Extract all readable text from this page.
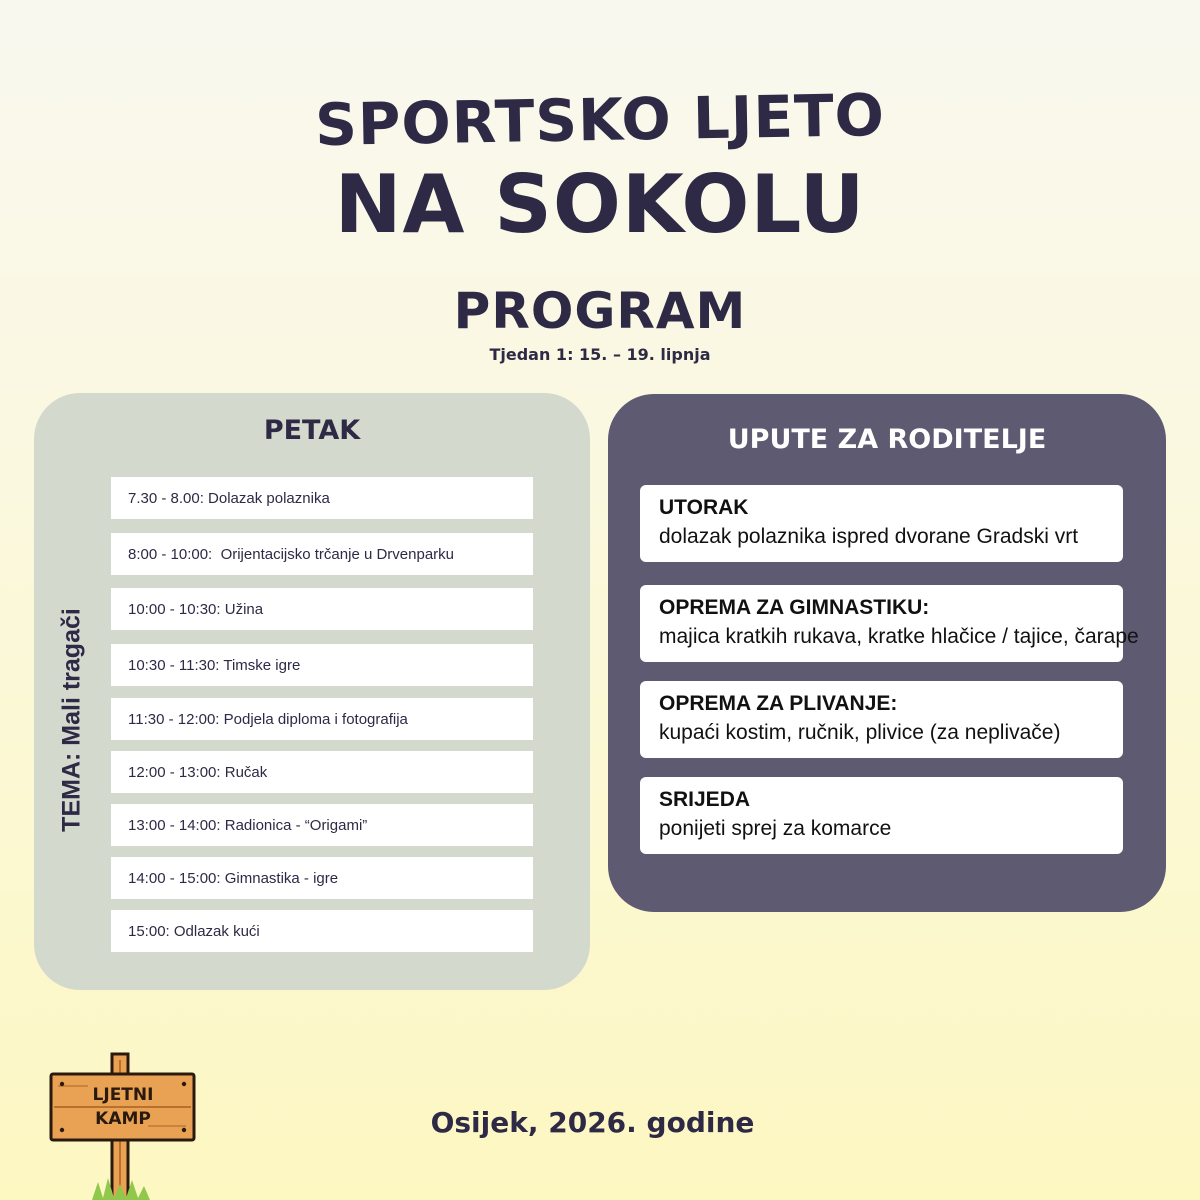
SPORTSKO LJETO
NA SOKOLU
PROGRAM
Tjedan 1: 15. – 19. lipnja
PETAK
TEMA: Mali tragači
7.30 - 8.00: Dolazak polaznika
8:00 - 10:00:  Orijentacijsko trčanje u Drvenparku
10:00 - 10:30: Užina
10:30 - 11:30: Timske igre
11:30 - 12:00: Podjela diploma i fotografija
12:00 - 13:00: Ručak
13:00 - 14:00: Radionica - “Origami”
14:00 - 15:00: Gimnastika - igre
15:00: Odlazak kući
UPUTE ZA RODITELJE
UTORAK
dolazak polaznika ispred dvorane Gradski vrt
OPREMA ZA GIMNASTIKU:
majica kratkih rukava, kratke hlačice / tajice, čarape
OPREMA ZA PLIVANJE:
kupaći kostim, ručnik, plivice (za neplivače)
SRIJEDA
ponijeti sprej za komarce
LJETNI
KAMP	Osijek, 2026. godine
